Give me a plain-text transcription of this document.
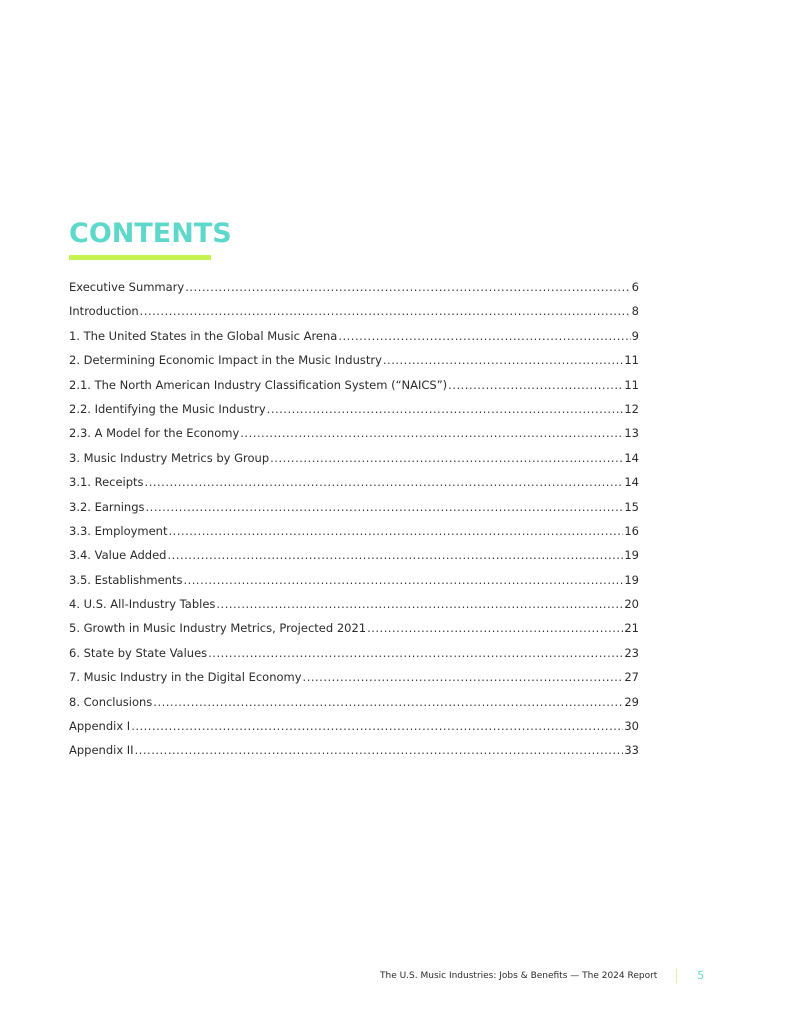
CONTENTS
Executive Summary .....	6
Introduction .....	8
1. The United States in the Global Music Arena .....	9
2. Determining Economic Impact in the Music Industry .....	11
2.1. The North American Industry Classification System (“NAICS”) .....	11
2.2. Identifying the Music Industry .....	12
2.3. A Model for the Economy .....	13
3. Music Industry Metrics by Group .....	14
3.1. Receipts .....	14
3.2. Earnings .....	15
3.3. Employment .....	16
3.4. Value Added .....	19
3.5. Establishments .....	19
4. U.S. All-Industry Tables .....	20
5. Growth in Music Industry Metrics, Projected 2021 .....	21
6. State by State Values .....	23
7. Music Industry in the Digital Economy .....	27
8. Conclusions .....	29
Appendix I .....	30
Appendix II .....	33
The U.S. Music Industries: Jobs & Benefits — The 2024 Report	5
